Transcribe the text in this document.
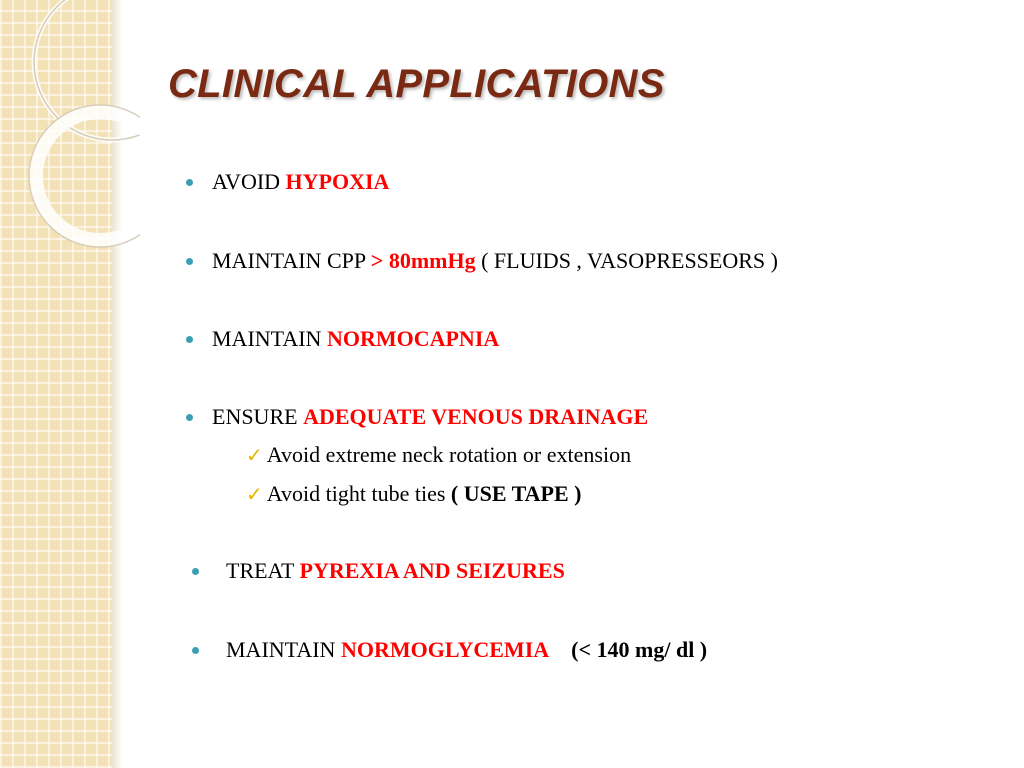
CLINICAL APPLICATIONS
AVOID HYPOXIA
MAINTAIN CPP > 80mmHg ( FLUIDS , VASOPRESSEORS )
MAINTAIN NORMOCAPNIA
ENSURE ADEQUATE VENOUS DRAINAGE
✓ Avoid extreme neck rotation or extension
✓ Avoid tight tube ties ( USE TAPE )
TREAT PYREXIA AND SEIZURES
MAINTAIN NORMOGLYCEMIA (< 140 mg/ dl )
